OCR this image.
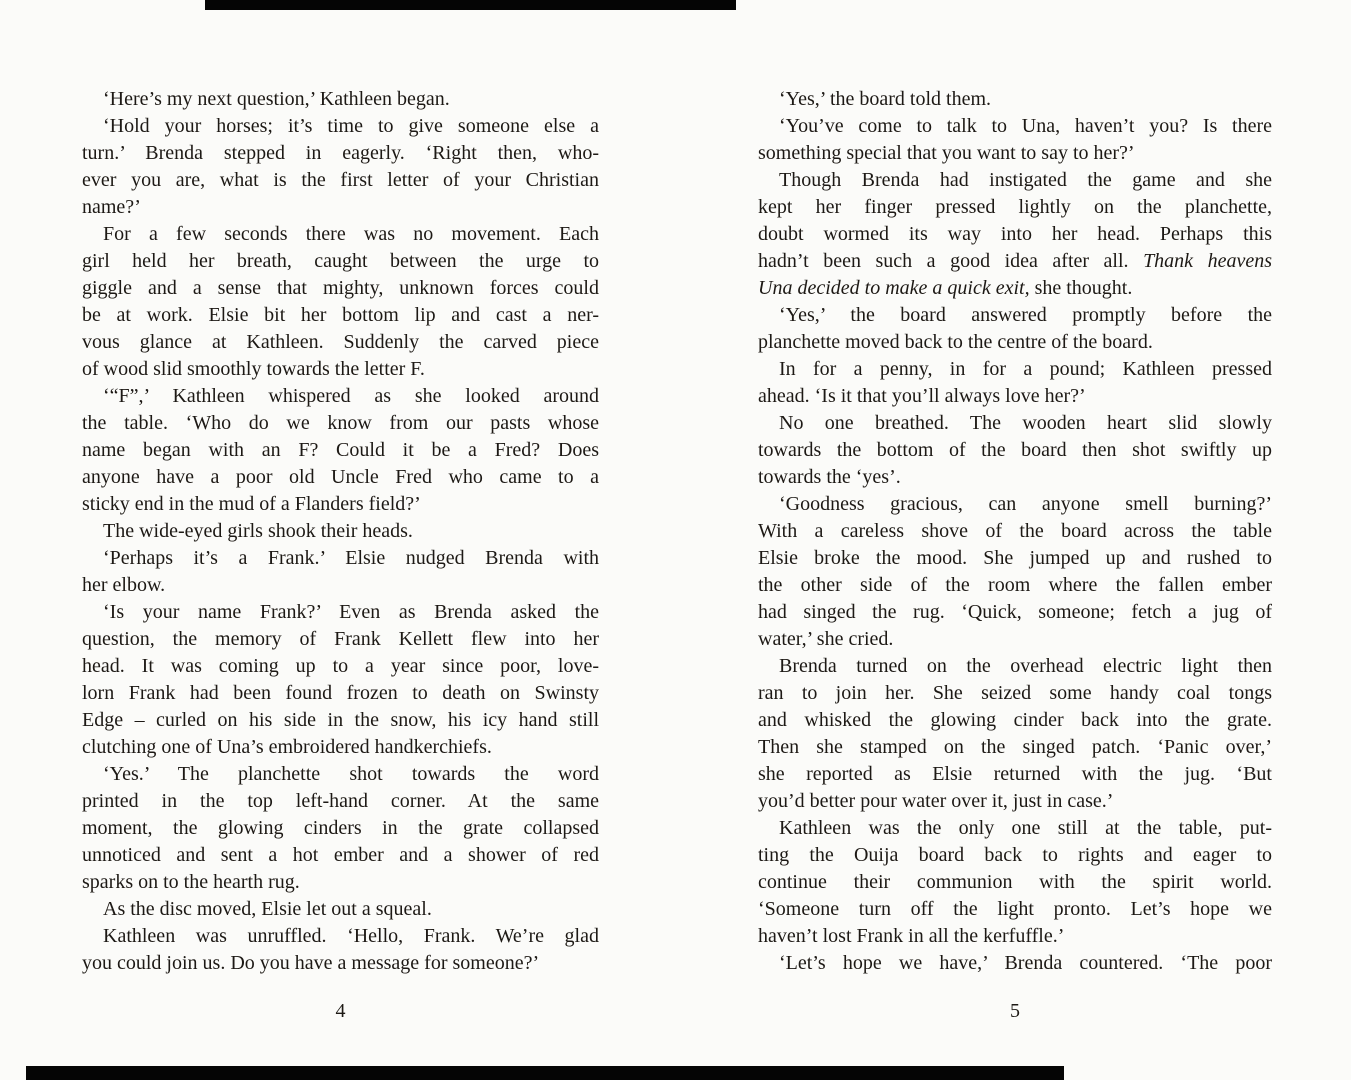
‘Here’s my next question,’ Kathleen began.
‘Hold your horses; it’s time to give someone else a
turn.’ Brenda stepped in eagerly. ‘Right then, who-
ever you are, what is the first letter of your Christian
name?’
For a few seconds there was no movement. Each
girl held her breath, caught between the urge to
giggle and a sense that mighty, unknown forces could
be at work. Elsie bit her bottom lip and cast a ner-
vous glance at Kathleen. Suddenly the carved piece
of wood slid smoothly towards the letter F.
‘“F”,’ Kathleen whispered as she looked around
the table. ‘Who do we know from our pasts whose
name began with an F? Could it be a Fred? Does
anyone have a poor old Uncle Fred who came to a
sticky end in the mud of a Flanders field?’
The wide-eyed girls shook their heads.
‘Perhaps it’s a Frank.’ Elsie nudged Brenda with
her elbow.
‘Is your name Frank?’ Even as Brenda asked the
question, the memory of Frank Kellett flew into her
head. It was coming up to a year since poor, love-
lorn Frank had been found frozen to death on Swinsty
Edge – curled on his side in the snow, his icy hand still
clutching one of Una’s embroidered handkerchiefs.
‘Yes.’ The planchette shot towards the word
printed in the top left-hand corner. At the same
moment, the glowing cinders in the grate collapsed
unnoticed and sent a hot ember and a shower of red
sparks on to the hearth rug.
As the disc moved, Elsie let out a squeal.
Kathleen was unruffled. ‘Hello, Frank. We’re glad
you could join us. Do you have a message for someone?’
‘Yes,’ the board told them.
‘You’ve come to talk to Una, haven’t you? Is there
something special that you want to say to her?’
Though Brenda had instigated the game and she
kept her finger pressed lightly on the planchette,
doubt wormed its way into her head. Perhaps this
hadn’t been such a good idea after all. Thank heavens
Una decided to make a quick exit, she thought.
‘Yes,’ the board answered promptly before the
planchette moved back to the centre of the board.
In for a penny, in for a pound; Kathleen pressed
ahead. ‘Is it that you’ll always love her?’
No one breathed. The wooden heart slid slowly
towards the bottom of the board then shot swiftly up
towards the ‘yes’.
‘Goodness gracious, can anyone smell burning?’
With a careless shove of the board across the table
Elsie broke the mood. She jumped up and rushed to
the other side of the room where the fallen ember
had singed the rug. ‘Quick, someone; fetch a jug of
water,’ she cried.
Brenda turned on the overhead electric light then
ran to join her. She seized some handy coal tongs
and whisked the glowing cinder back into the grate.
Then she stamped on the singed patch. ‘Panic over,’
she reported as Elsie returned with the jug. ‘But
you’d better pour water over it, just in case.’
Kathleen was the only one still at the table, put-
ting the Ouija board back to rights and eager to
continue their communion with the spirit world.
‘Someone turn off the light pronto. Let’s hope we
haven’t lost Frank in all the kerfuffle.’
‘Let’s hope we have,’ Brenda countered. ‘The poor
4	5
